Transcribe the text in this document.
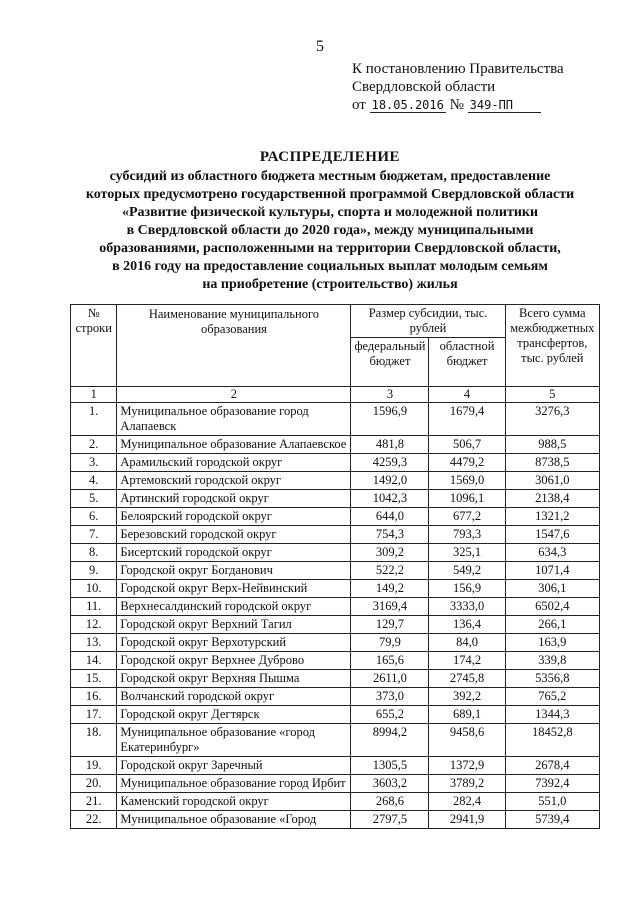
5
К постановлению Правительства
Свердловской области
от 18.05.2016 № 349-ПП
РАСПРЕДЕЛЕНИЕ
субсидий из областного бюджета местным бюджетам, предоставление
которых предусмотрено государственной программой Свердловской области
«Развитие физической культуры, спорта и молодежной политики
в Свердловской области до 2020 года», между муниципальными
образованиями, расположенными на территории Свердловской области,
в 2016 году на предоставление социальных выплат молодым семьям
на приобретение (строительство) жилья
№ строки	Наименование муниципального образования	Размер субсидии, тыс. рублей		Всего сумма межбюджетных трансфертов, тыс. рублей
		федеральный бюджет	областной бюджет	
1	2	3	4	5
1.	Муниципальное образование город Алапаевск	1596,9	1679,4	3276,3
2.	Муниципальное образование Алапаевское	481,8	506,7	988,5
3.	Арамильский городской округ	4259,3	4479,2	8738,5
4.	Артемовский городской округ	1492,0	1569,0	3061,0
5.	Артинский городской округ	1042,3	1096,1	2138,4
6.	Белоярский городской округ	644,0	677,2	1321,2
7.	Березовский городской округ	754,3	793,3	1547,6
8.	Бисертский городской округ	309,2	325,1	634,3
9.	Городской округ Богданович	522,2	549,2	1071,4
10.	Городской округ Верх-Нейвинский	149,2	156,9	306,1
11.	Верхнесалдинский городской округ	3169,4	3333,0	6502,4
12.	Городской округ Верхний Тагил	129,7	136,4	266,1
13.	Городской округ Верхотурский	79,9	84,0	163,9
14.	Городской округ Верхнее Дуброво	165,6	174,2	339,8
15.	Городской округ Верхняя Пышма	2611,0	2745,8	5356,8
16.	Волчанский городской округ	373,0	392,2	765,2
17.	Городской округ Дегтярск	655,2	689,1	1344,3
18.	Муниципальное образование «город Екатеринбург»	8994,2	9458,6	18452,8
19.	Городской округ Заречный	1305,5	1372,9	2678,4
20.	Муниципальное образование город Ирбит	3603,2	3789,2	7392,4
21.	Каменский городской округ	268,6	282,4	551,0
22.	Муниципальное образование «Город	2797,5	2941,9	5739,4
